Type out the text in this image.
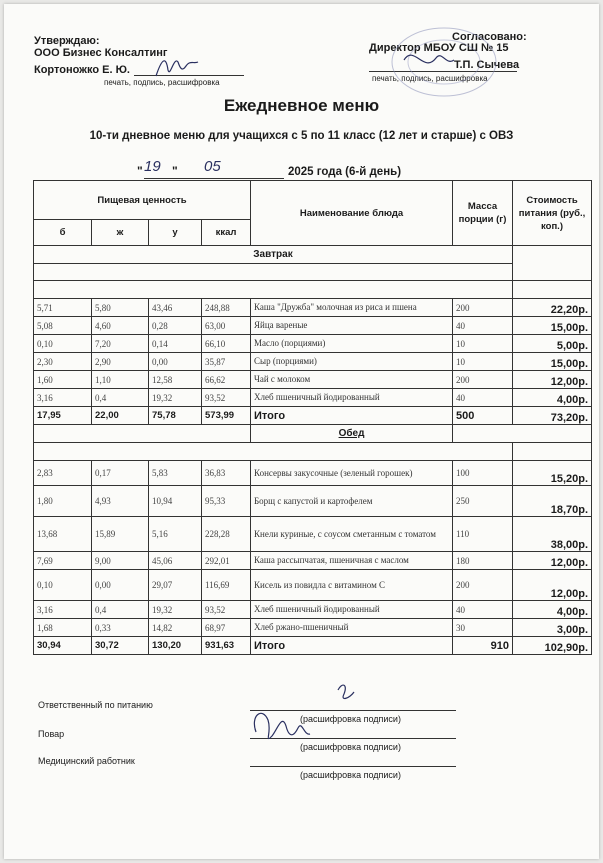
Утверждаю:
ООО Бизнес Консалтинг
Кортоножко Е. Ю.
печать, подпись, расшифровка
Согласовано:
Директор МБОУ СШ № 15
Т.П. Сычева
печать, подпись, расшифровка
Ежедневное меню
10-ти дневное меню для учащихся с 5 по 11 класс (12 лет и старше) с ОВЗ
" 19 " 05	2025 года (6-й день)
Пищевая ценность				Наименование блюда	Масса порции (г)	Стоимость питания (руб., коп.)
б	ж	у	ккал			
Завтрак						

5,71	5,80	43,46	248,88	Каша "Дружба" молочная из риса и пшена	200	22,20р.
5,08	4,60	0,28	63,00	Яйца вареные	40	15,00р.
0,10	7,20	0,14	66,10	Масло (порциями)	10	5,00р.
2,30	2,90	0,00	35,87	Сыр (порциями)	10	15,00р.
1,60	1,10	12,58	66,62	Чай с молоком	200	12,00р.
3,16	0,4	19,32	93,52	Хлеб пшеничный йодированный	40	4,00р.
17,95	22,00	75,78	573,99	Итого	500	73,20р.
				Обед		

2,83	0,17	5,83	36,83	Консервы закусочные (зеленый горошек)	100	15,20р.
1,80	4,93	10,94	95,33	Борщ с капустой и картофелем	250	18,70р.
13,68	15,89	5,16	228,28	Кнели куриные, с соусом сметанным с томатом	110	38,00р.
7,69	9,00	45,06	292,01	Каша рассыпчатая, пшеничная с маслом	180	12,00р.
0,10	0,00	29,07	116,69	Кисель из повидла с витамином С	200	12,00р.
3,16	0,4	19,32	93,52	Хлеб пшеничный йодированный	40	4,00р.
1,68	0,33	14,82	68,97	Хлеб ржано-пшеничный	30	3,00р.
30,94	30,72	130,20	931,63	Итого	910	102,90р.
Ответственный по питанию
(расшифровка подписи)
Повар
(расшифровка подписи)
Медицинский работник
(расшифровка подписи)
